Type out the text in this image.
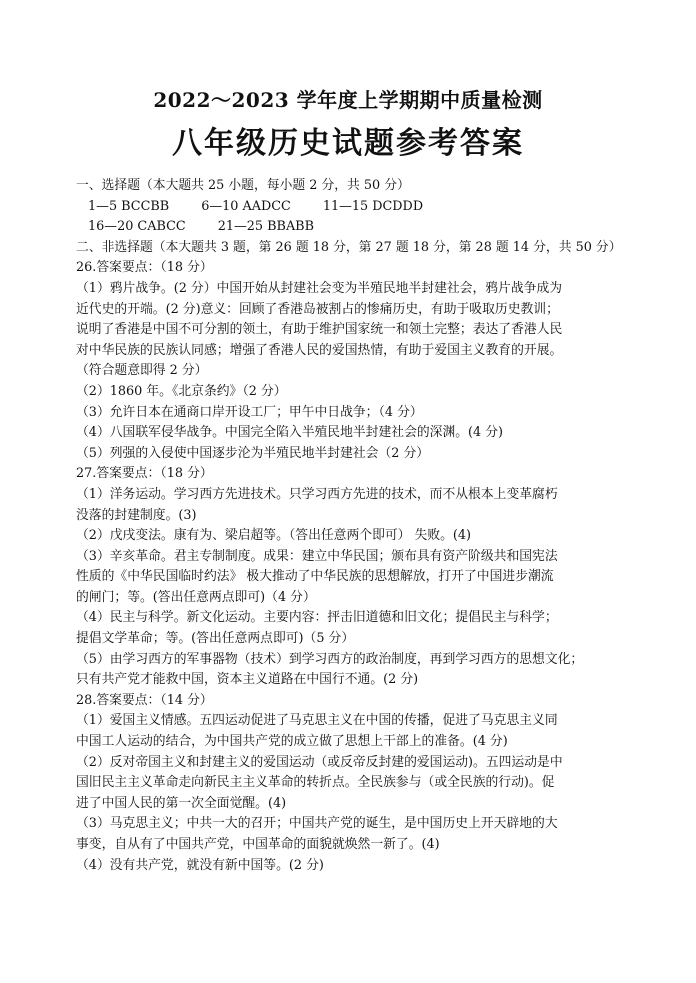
2022～2023 学年度上学期期中质量检测
八年级历史试题参考答案
一、选择题（本大题共 25 小题，每小题 2 分，共 50 分）
1—5 BCCBB	6—10 AADCC	11—15 DCDDD
16—20 CABCC	21—25 BBABB
二、非选择题（本大题共 3 题，第 26 题 18 分，第 27 题 18 分，第 28 题 14 分，共 50 分）
26.答案要点：（18 分）
（1）鸦片战争。(2 分）中国开始从封建社会变为半殖民地半封建社会，鸦片战争成为
近代史的开端。(2 分)意义：回顾了香港岛被割占的惨痛历史，有助于吸取历史教训；
说明了香港是中国不可分割的领土，有助于维护国家统一和领土完整；表达了香港人民
对中华民族的民族认同感；增强了香港人民的爱国热情，有助于爱国主义教育的开展。
（符合题意即得 2 分）
（2）1860 年。《北京条约》（2 分）
（3）允许日本在通商口岸开设工厂；甲午中日战争；（4 分）
（4）八国联军侵华战争。中国完全陷入半殖民地半封建社会的深渊。(4 分)
（5）列强的入侵使中国逐步沦为半殖民地半封建社会（2 分）
27.答案要点：（18 分）
（1）洋务运动。学习西方先进技术。只学习西方先进的技术，而不从根本上变革腐朽
没落的封建制度。(3)
（2）戊戌变法。康有为、梁启超等。（答出任意两个即可） 失败。(4)
（3）辛亥革命。君主专制制度。成果：建立中华民国；颁布具有资产阶级共和国宪法
性质的《中华民国临时约法》 极大推动了中华民族的思想解放，打开了中国进步潮流
的闸门；等。(答出任意两点即可)（4 分）
（4）民主与科学。新文化运动。主要内容：抨击旧道德和旧文化；提倡民主与科学；
提倡文学革命；等。(答出任意两点即可)（5 分）
（5）由学习西方的军事器物（技术）到学习西方的政治制度，再到学习西方的思想文化；
只有共产党才能救中国，资本主义道路在中国行不通。(2 分)
28.答案要点：（14 分）
（1）爱国主义情感。五四运动促进了马克思主义在中国的传播，促进了马克思主义同
中国工人运动的结合，为中国共产党的成立做了思想上干部上的准备。(4 分)
（2）反对帝国主义和封建主义的爱国运动（或反帝反封建的爱国运动)。五四运动是中
国旧民主主义革命走向新民主主义革命的转折点。全民族参与（或全民族的行动)。促
进了中国人民的第一次全面觉醒。(4)
（3）马克思主义；中共一大的召开；中国共产党的诞生，是中国历史上开天辟地的大
事变，自从有了中国共产党，中国革命的面貌就焕然一新了。(4)
（4）没有共产党，就没有新中国等。(2 分)
